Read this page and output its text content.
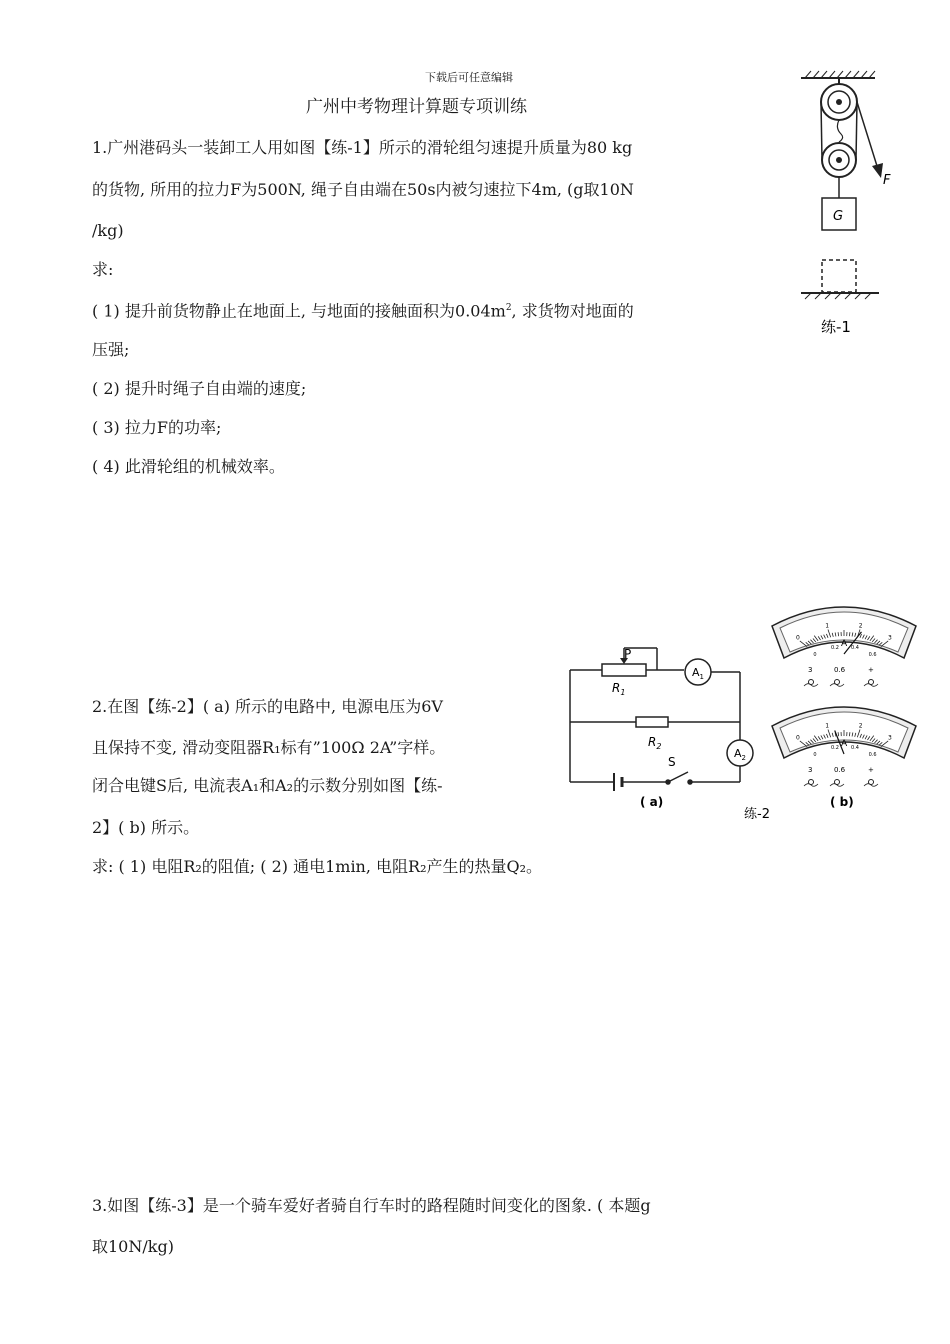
下载后可任意编辑
广州中考物理计算题专项训练
1.广州港码头一装卸工人用如图【练-1】所示的滑轮组匀速提升质量为80 kg
的货物, 所用的拉力F为500N, 绳子自由端在50s内被匀速拉下4m, (g取10N
/kg)
求:
( 1) 提升前货物静止在地面上, 与地面的接触面积为$0.04m^2$, 求货物对地面的
压强;
( 2) 提升时绳子自由端的速度;
( 3) 拉力F的功率;
( 4) 此滑轮组的机械效率。
F
G
练-1
2.在图【练-2】( a) 所示的电路中, 电源电压为6V
且保持不变, 滑动变阻器R₁标有”100Ω 2A”字样。
闭合电键S后, 电流表A₁和A₂的示数分别如图【练-
2】( b) 所示。
求: ( 1) 电阻R₂的阻值; ( 2) 通电1min, 电阻R₂产生的热量Q₂。
P
$R_1$
$A_1$
$R_2$
$A_2$
S
( a)
练-2
0
1	2
3
0
0.2 0.4
0.6
A
3	0.6	+
0
1	2
3
0
0.2 0.4
0.6
A
3	0.6	+
( b)
3.如图【练-3】是一个骑车爱好者骑自行车时的路程随时间变化的图象. ( 本题g
取10N/kg)
